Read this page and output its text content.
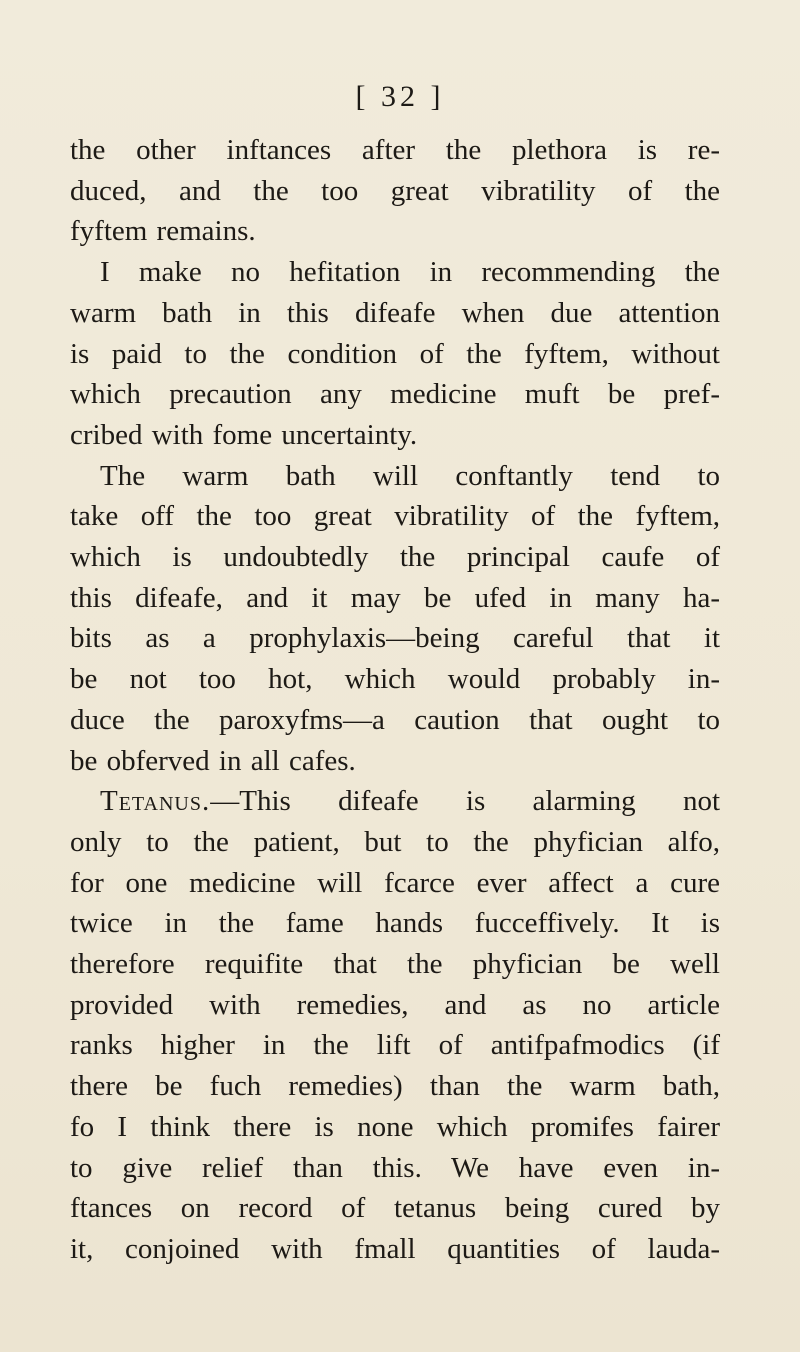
[ 32 ]
the other inftances after the plethora is re-
duced, and the too great vibratility of the
fyftem remains.
I make no hefitation in recommending the
warm bath in this difeafe when due attention
is paid to the condition of the fyftem, without
which precaution any medicine muft be pref-
cribed with fome uncertainty.
The warm bath will conftantly tend to
take off the too great vibratility of the fyftem,
which is undoubtedly the principal caufe of
this difeafe, and it may be ufed in many ha-
bits as a prophylaxis—being careful that it
be not too hot, which would probably in-
duce the paroxyfms—a caution that ought to
be obferved in all cafes.
Tetanus.—This difeafe is alarming not
only to the patient, but to the phyfician alfo,
for one medicine will fcarce ever affect a cure
twice in the fame hands fucceffively. It is
therefore requifite that the phyfician be well
provided with remedies, and as no article
ranks higher in the lift of antifpafmodics (if
there be fuch remedies) than the warm bath,
fo I think there is none which promifes fairer
to give relief than this. We have even in-
ftances on record of tetanus being cured by
it, conjoined with fmall quantities of lauda-
